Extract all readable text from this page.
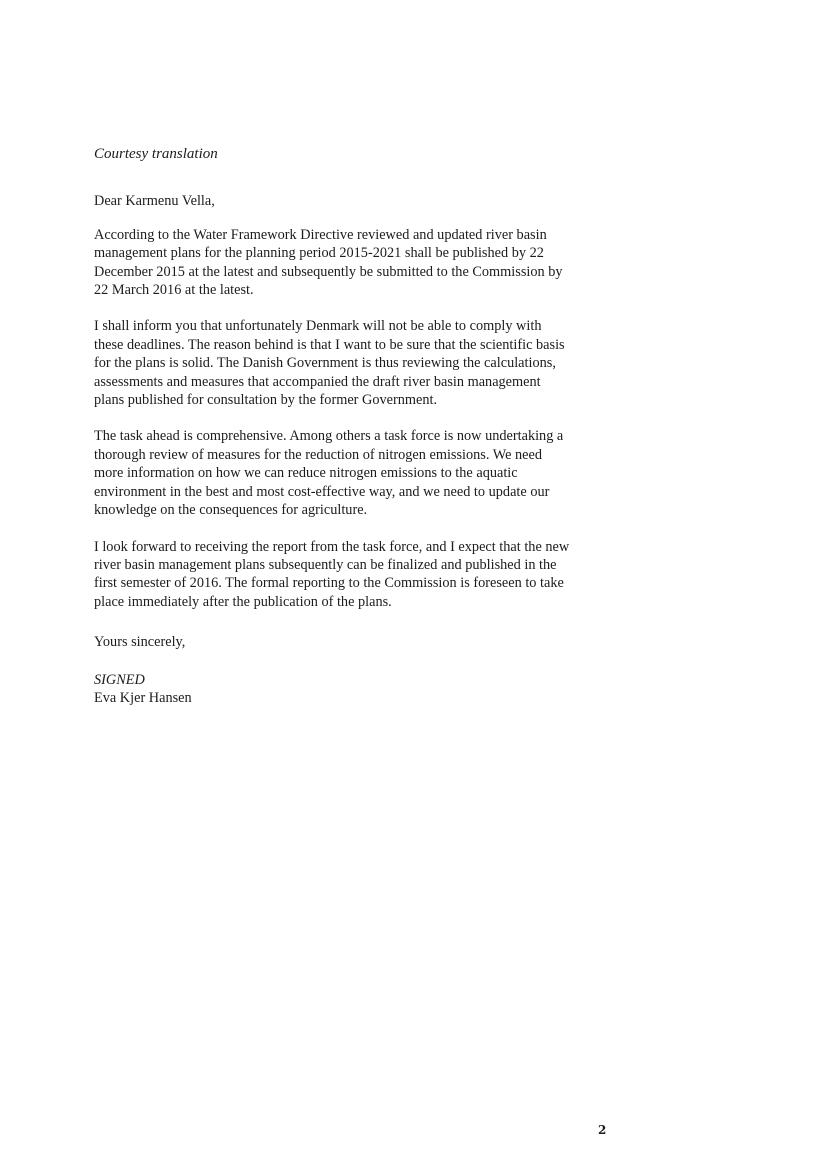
Courtesy translation

Dear Karmenu Vella,

According to the Water Framework Directive reviewed and updated river basin
management plans for the planning period 2015-2021 shall be published by 22
December 2015 at the latest and subsequently be submitted to the Commission by
22 March 2016 at the latest.

I shall inform you that unfortunately Denmark will not be able to comply with
these deadlines. The reason behind is that I want to be sure that the scientific basis
for the plans is solid. The Danish Government is thus reviewing the calculations,
assessments and measures that accompanied the draft river basin management
plans published for consultation by the former Government.

The task ahead is comprehensive. Among others a task force is now undertaking a
thorough review of measures for the reduction of nitrogen emissions. We need
more information on how we can reduce nitrogen emissions to the aquatic
environment in the best and most cost-effective way, and we need to update our
knowledge on the consequences for agriculture.

I look forward to receiving the report from the task force, and I expect that the new
river basin management plans subsequently can be finalized and published in the
first semester of 2016. The formal reporting to the Commission is foreseen to take
place immediately after the publication of the plans.

Yours sincerely,

SIGNED

Eva Kjer Hansen

2
